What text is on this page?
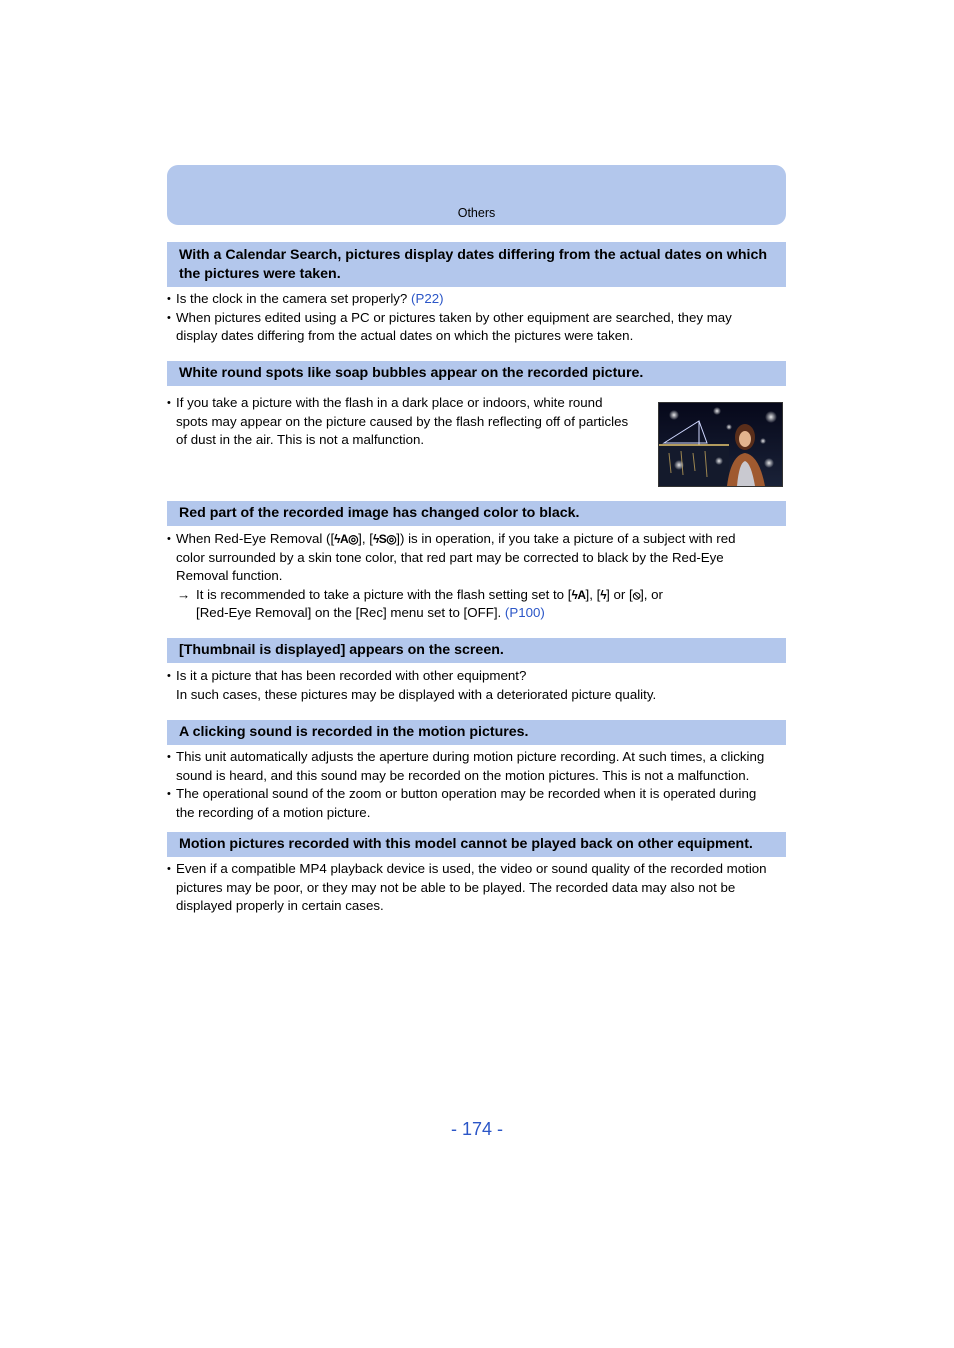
Others
With a Calendar Search, pictures display dates differing from the actual dates on which the pictures were taken.
• Is the clock in the camera set properly? (P22)
• When pictures edited using a PC or pictures taken by other equipment are searched, they may
display dates differing from the actual dates on which the pictures were taken.
White round spots like soap bubbles appear on the recorded picture.
• If you take a picture with the flash in a dark place or indoors, white round
spots may appear on the picture caused by the flash reflecting off of particles
of dust in the air. This is not a malfunction.
Red part of the recorded image has changed color to black.
• When Red-Eye Removal ([ϟA◎], [ϟS◎]) is in operation, if you take a picture of a subject with red
color surrounded by a skin tone color, that red part may be corrected to black by the Red-Eye
Removal function.
→ It is recommended to take a picture with the flash setting set to [ϟA], [ϟ] or [⦸], or
[Red-Eye Removal] on the [Rec] menu set to [OFF]. (P100)
[Thumbnail is displayed] appears on the screen.
• Is it a picture that has been recorded with other equipment?
In such cases, these pictures may be displayed with a deteriorated picture quality.
A clicking sound is recorded in the motion pictures.
• This unit automatically adjusts the aperture during motion picture recording. At such times, a clicking
sound is heard, and this sound may be recorded on the motion pictures. This is not a malfunction.
• The operational sound of the zoom or button operation may be recorded when it is operated during
the recording of a motion picture.
Motion pictures recorded with this model cannot be played back on other equipment.
• Even if a compatible MP4 playback device is used, the video or sound quality of the recorded motion
pictures may be poor, or they may not be able to be played. The recorded data may also not be
displayed properly in certain cases.
- 174 -
